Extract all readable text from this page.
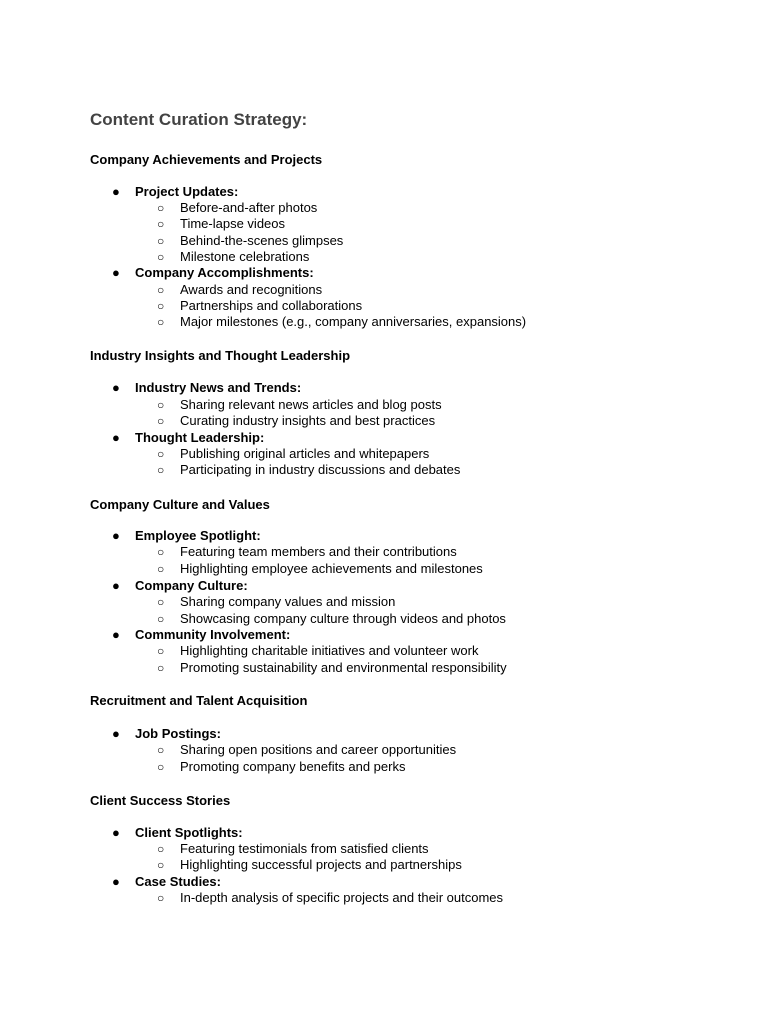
Content Curation Strategy:
Company Achievements and Projects
● Project Updates:
○ Before-and-after photos
○ Time-lapse videos
○ Behind-the-scenes glimpses
○ Milestone celebrations
● Company Accomplishments:
○ Awards and recognitions
○ Partnerships and collaborations
○ Major milestones (e.g., company anniversaries, expansions)
Industry Insights and Thought Leadership
● Industry News and Trends:
○ Sharing relevant news articles and blog posts
○ Curating industry insights and best practices
● Thought Leadership:
○ Publishing original articles and whitepapers
○ Participating in industry discussions and debates
Company Culture and Values
● Employee Spotlight:
○ Featuring team members and their contributions
○ Highlighting employee achievements and milestones
● Company Culture:
○ Sharing company values and mission
○ Showcasing company culture through videos and photos
● Community Involvement:
○ Highlighting charitable initiatives and volunteer work
○ Promoting sustainability and environmental responsibility
Recruitment and Talent Acquisition
● Job Postings:
○ Sharing open positions and career opportunities
○ Promoting company benefits and perks
Client Success Stories
● Client Spotlights:
○ Featuring testimonials from satisfied clients
○ Highlighting successful projects and partnerships
● Case Studies:
○ In-depth analysis of specific projects and their outcomes
